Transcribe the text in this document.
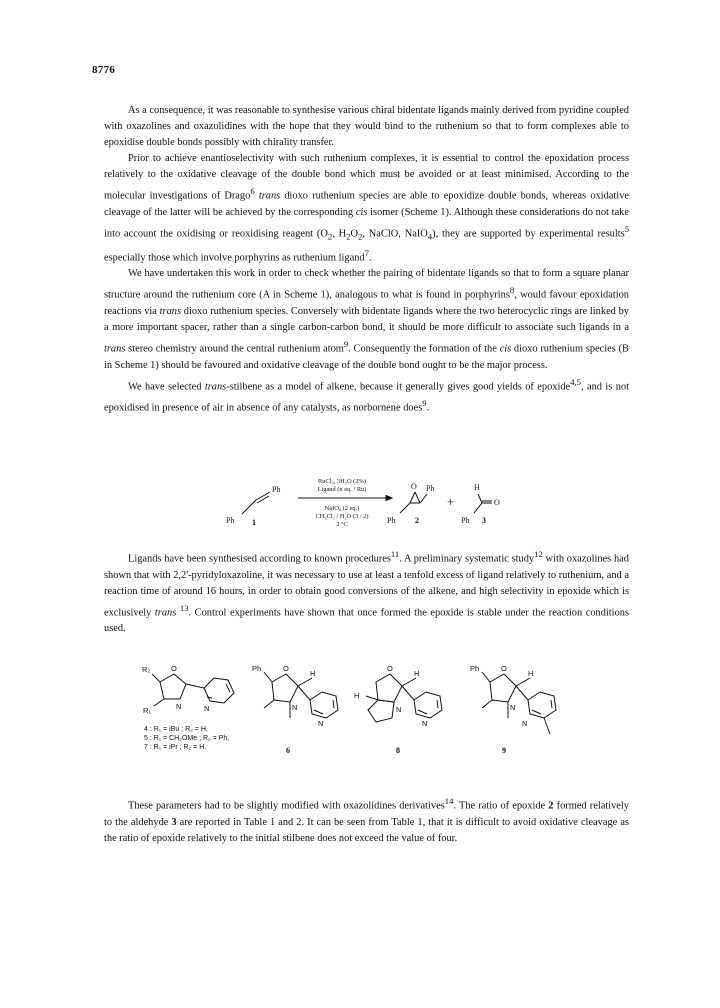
8776

As a consequence, it was reasonable to synthesise various chiral bidentate ligands mainly derived from pyridine coupled with oxazolines and oxazolidines with the hope that they would bind to the ruthenium so that to form complexes able to epoxidise double bonds possibly with chirality transfer.

Prior to achieve enantioselectivity with such ruthenium complexes, it is essential to control the epoxidation process relatively to the oxidative cleavage of the double bond which must be avoided or at least minimised. According to the molecular investigations of Drago$^6$ trans dioxo ruthenium species are able to epoxidize double bonds, whereas oxidative cleavage of the latter will be achieved by the corresponding cis isomer (Scheme 1). Although these considerations do not take into account the oxidising or reoxidising reagent ($O_2$, $H_2O_2$, NaClO, NaIO$_4$), they are supported by experimental results$^5$ especially those which involve porphyrins as ruthenium ligand$^7$.

We have undertaken this work in order to check whether the pairing of bidentate ligands so that to form a square planar structure around the ruthenium core (A in Scheme 1), analogous to what is found in porphyrins$^8$, would favour epoxidation reactions via trans dioxo ruthenium species. Conversely with bidentate ligands where the two heterocyclic rings are linked by a more important spacer, rather than a single carbon-carbon bond, it should be more difficult to associate such ligands in a trans stereo chemistry around the central ruthenium atom$^9$. Consequently the formation of the cis dioxo ruthenium species (B in Scheme 1) should be favoured and oxidative cleavage of the double bond ought to be the major process.

We have selected trans-stilbene as a model of alkene, because it generally gives good yields of epoxide$^{4,5}$, and is not epoxidised in presence of air in absence of any catalysts, as norbornene does$^9$.

Ph
Ph 1
RuCl₃, 3H₂O (2%)
Ligand (n eq. / Ru)
NaIO₄ (2 eq.)
CH₂Cl₂ / H₂O (3 / 2)
2 °C
O Ph
Ph 2
+
H
O
Ph 3

Ligands have been synthesised according to known procedures$^{11}$. A preliminary systematic study$^{12}$ with oxazolines had shown that with 2,2'-pyridyloxazoline, it was necessary to use at least a tenfold excess of ligand relatively to ruthenium, and a reaction time of around 16 hours, in order to obtain good conversions of the alkene, and high selectivity in epoxide which is exclusively trans $^{13}$. Control experiments have shown that once formed the epoxide is stable under the reaction conditions used.

R₂	O
N	N
R₁
4 : R₁ = iBu ; R₂ = H,
5 : R₁ = CH₂OMe ; R₂ = Ph,
7 : R₁ = iPr ; R₂ = H.
Ph	O
H
N
N
6
O
H
H
N
N
8
Ph	O
H
N
N
9

These parameters had to be slightly modified with oxazolidines derivatives$^{14}$. The ratio of epoxide 2 formed relatively to the aldehyde 3 are reported in Table 1 and 2. It can be seen from Table 1, that it is difficult to avoid oxidative cleavage as the ratio of epoxide relatively to the initial stilbene does not exceed the value of four.
